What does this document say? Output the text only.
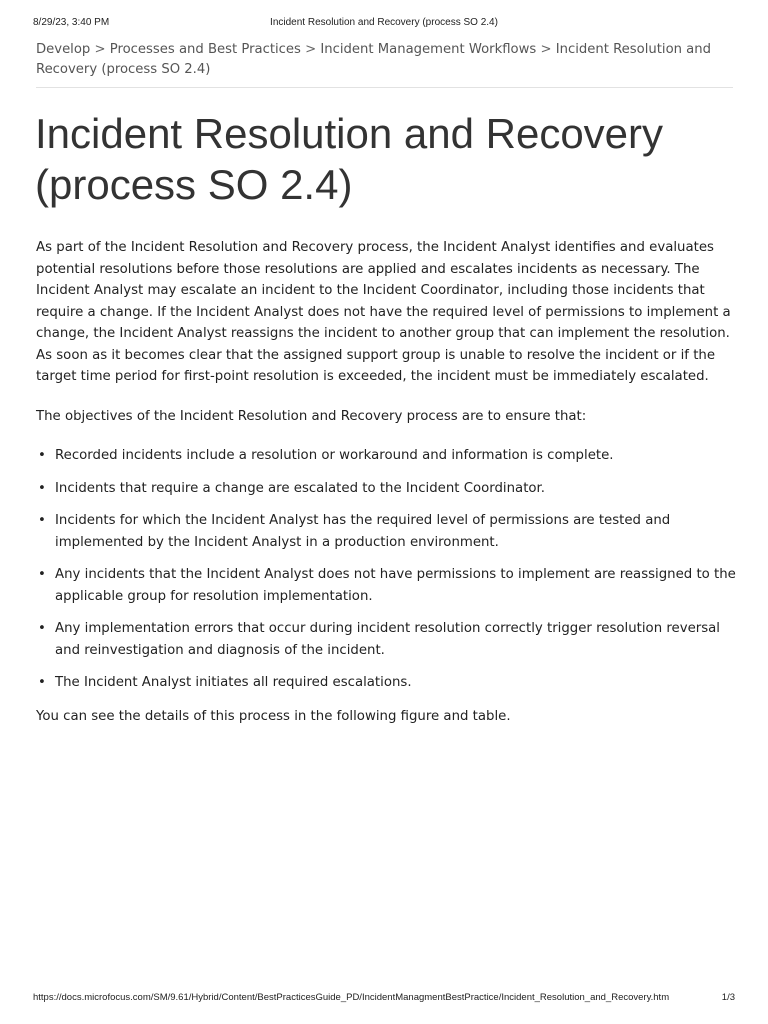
8/29/23, 3:40 PM	Incident Resolution and Recovery (process SO 2.4)
Develop > Processes and Best Practices > Incident Management Workflows > Incident Resolution and Recovery (process SO 2.4)
Incident Resolution and Recovery (process SO 2.4)

As part of the Incident Resolution and Recovery process, the Incident Analyst identifies and evaluates potential resolutions before those resolutions are applied and escalates incidents as necessary. The Incident Analyst may escalate an incident to the Incident Coordinator, including those incidents that require a change. If the Incident Analyst does not have the required level of permissions to implement a change, the Incident Analyst reassigns the incident to another group that can implement the resolution. As soon as it becomes clear that the assigned support group is unable to resolve the incident or if the target time period for first-point resolution is exceeded, the incident must be immediately escalated.

The objectives of the Incident Resolution and Recovery process are to ensure that:

• Recorded incidents include a resolution or workaround and information is complete.
• Incidents that require a change are escalated to the Incident Coordinator.
• Incidents for which the Incident Analyst has the required level of permissions are tested and implemented by the Incident Analyst in a production environment.
• Any incidents that the Incident Analyst does not have permissions to implement are reassigned to the applicable group for resolution implementation.
• Any implementation errors that occur during incident resolution correctly trigger resolution reversal and reinvestigation and diagnosis of the incident.
• The Incident Analyst initiates all required escalations.

You can see the details of this process in the following figure and table.

https://docs.microfocus.com/SM/9.61/Hybrid/Content/BestPracticesGuide_PD/IncidentManagmentBestPractice/Incident_Resolution_and_Recovery.htm	1/3
